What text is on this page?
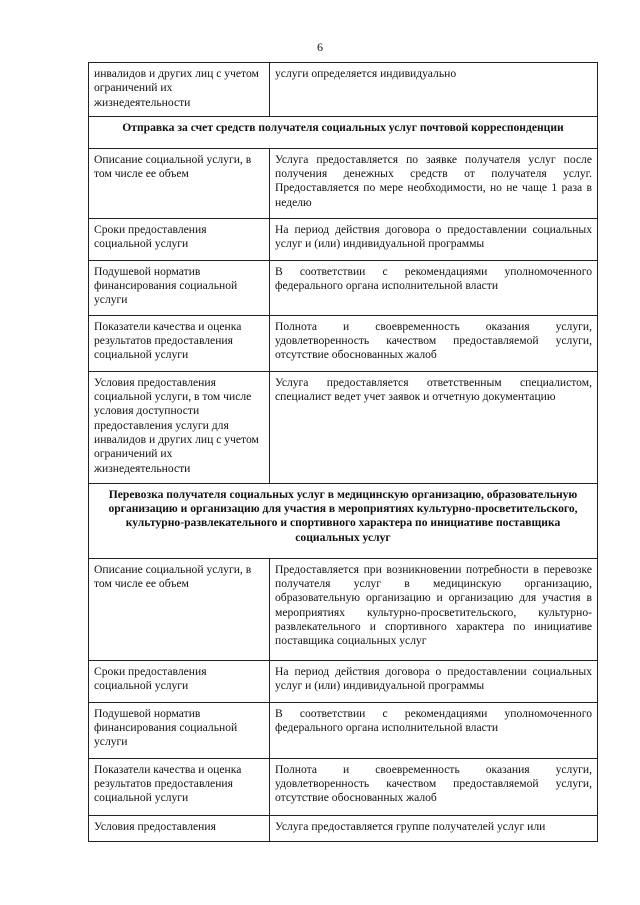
6
инвалидов и других лиц с учетом ограничений их жизнедеятельности	услуги определяется индивидуально
Отправка за счет средств получателя социальных услуг почтовой корреспонденции	
Описание социальной услуги, в том числе ее объем	Услуга предоставляется по заявке получателя услуг после получения денежных средств от получателя услуг. Предоставляется по мере необходимости, но не чаще 1 раза в неделю
Сроки предоставления социальной услуги	На период действия договора о предоставлении социальных услуг и (или) индивидуальной программы
Подушевой норматив финансирования социальной услуги	В соответствии с рекомендациями уполномоченного федерального органа исполнительной власти
Показатели качества и оценка результатов предоставления социальной услуги	Полнота и своевременность оказания услуги, удовлетворенность качеством предоставляемой услуги, отсутствие обоснованных жалоб
Условия предоставления социальной услуги, в том числе условия доступности предоставления услуги для инвалидов и других лиц с учетом ограничений их жизнедеятельности	Услуга предоставляется ответственным специалистом, специалист ведет учет заявок и отчетную документацию
Перевозка получателя социальных услуг в медицинскую организацию, образовательную организацию и организацию для участия в мероприятиях культурно-просветительского, культурно-развлекательного и спортивного характера по инициативе поставщика социальных услуг	
Описание социальной услуги, в том числе ее объем	Предоставляется при возникновении потребности в перевозке получателя услуг в медицинскую организацию, образовательную организацию и организацию для участия в мероприятиях культурно-просветительского, культурно-развлекательного и спортивного характера по инициативе поставщика социальных услуг
Сроки предоставления социальной услуги	На период действия договора о предоставлении социальных услуг и (или) индивидуальной программы
Подушевой норматив финансирования социальной услуги	В соответствии с рекомендациями уполномоченного федерального органа исполнительной власти
Показатели качества и оценка результатов предоставления социальной услуги	Полнота и своевременность оказания услуги, удовлетворенность качеством предоставляемой услуги, отсутствие обоснованных жалоб
Условия предоставления	Услуга предоставляется группе получателей услуг или
